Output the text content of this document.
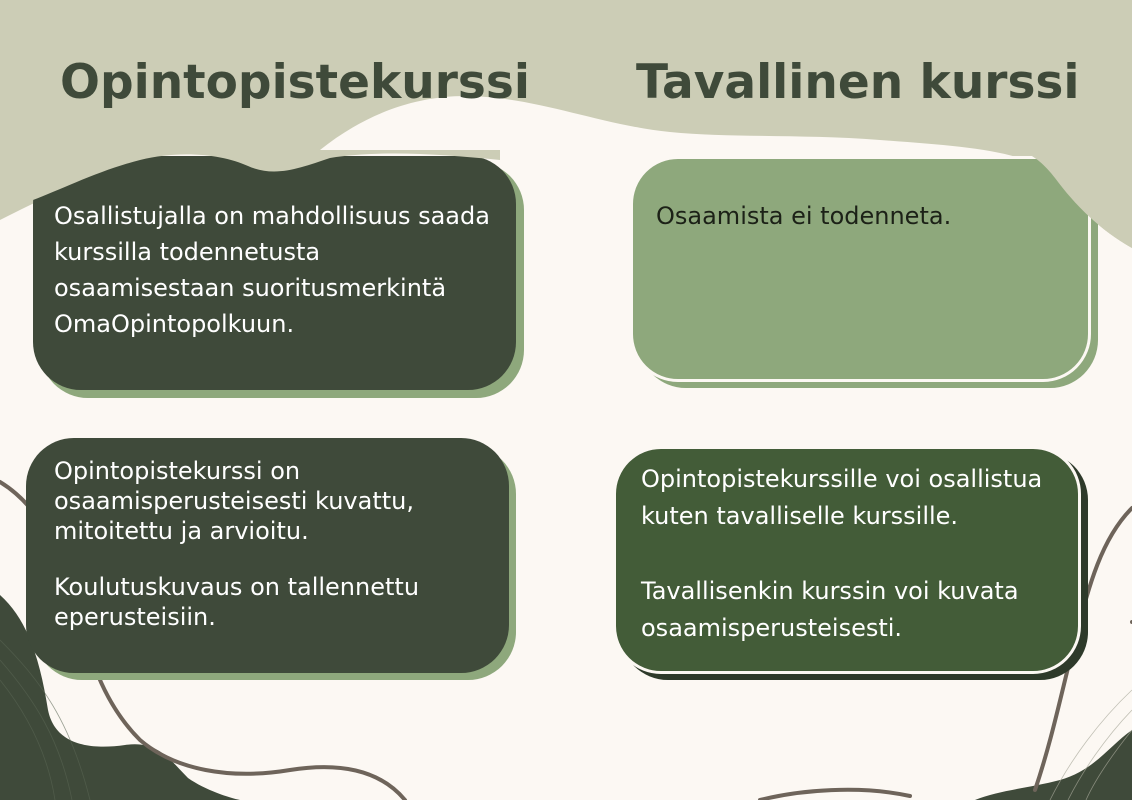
Opintopistekurssi Tavallinen kurssi

Osallistujalla on mahdollisuus saada

kurssilla todennetusta

osaamisestaan suoritusmerkintä

OmaOpintopolkuun.

Osaamista ei todenneta.

Opintopistekurssi on

osaamisperusteisesti kuvattu,

mitoitettu ja arvioitu.

Koulutuskuvaus on tallennettu

eperusteisiin.

Opintopistekurssille voi osallistua

kuten tavalliselle kurssille.

Tavallisenkin kurssin voi kuvata

osaamisperusteisesti.
